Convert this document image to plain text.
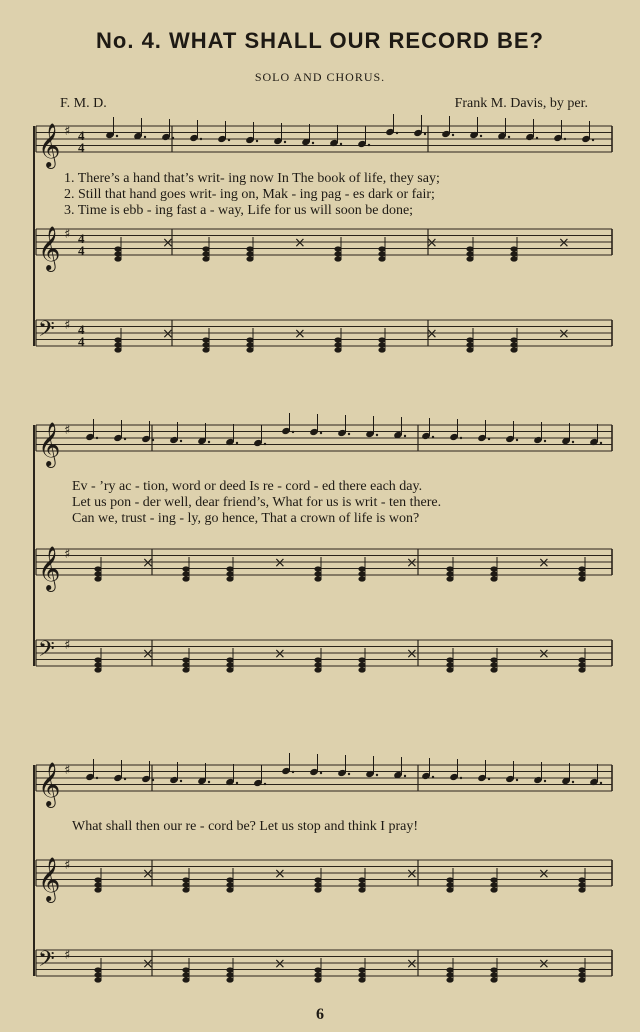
No. 4. WHAT SHALL OUR RECORD BE?
SOLO AND CHORUS.
F. M. D.	Frank M. Davis, by per.
𝄞 ♯ 4
4
𝄞 ♯ 4
4
𝄢 ♯ 4
4
×	×	×	×
×	×	×	×
𝄞 ♯
𝄞 ♯
𝄢 ♯
×	×	×	×
×	×	×	×
𝄞 ♯
𝄞 ♯
𝄢 ♯
×	×	×	×
×	×	×	×
1. There’s a hand that’s writ- ing now In The book of life, they say;
2. Still that hand goes writ- ing on, Mak - ing pag - es dark or fair;
3. Time is ebb - ing fast a - way, Life for us will soon be done;
Ev - ’ry ac - tion, word or deed Is re - cord - ed there each day.
Let us pon - der well, dear friend’s, What for us is writ - ten there.
Can we, trust - ing - ly, go hence, That a crown of life is won?
What shall then our re - cord be? Let us stop and think I pray!
6
